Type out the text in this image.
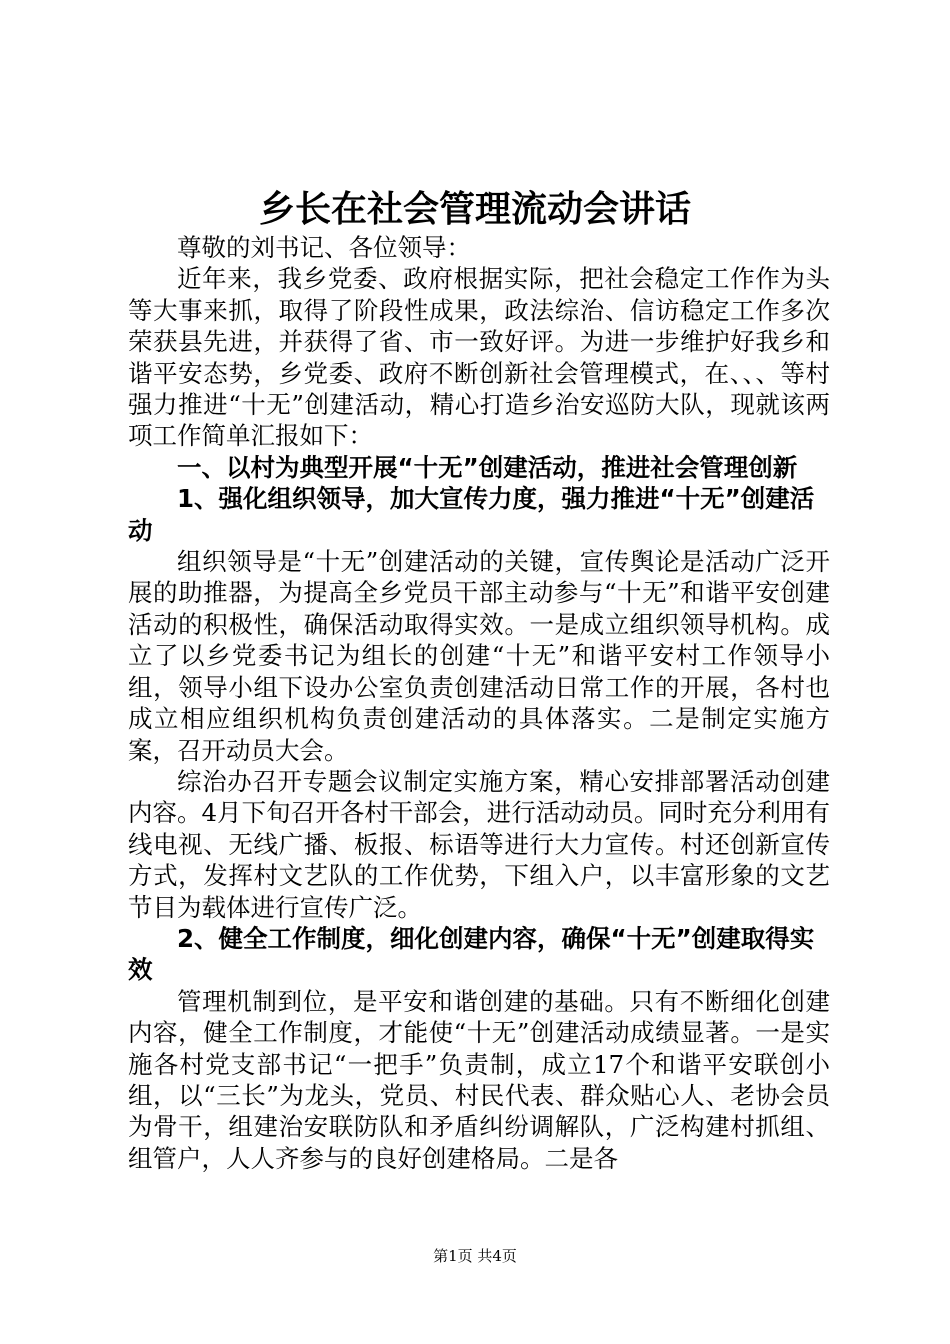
乡长在社会管理流动会讲话

尊敬的刘书记、各位领导：

近年来，我乡党委、政府根据实际，把社会稳定工作作为头等大事来抓，取得了阶段性成果，政法综治、信访稳定工作多次荣获县先进，并获得了省、市一致好评。为进一步维护好我乡和谐平安态势，乡党委、政府不断创新社会管理模式，在、、、等村强力推进“十无”创建活动，精心打造乡治安巡防大队，现就该两项工作简单汇报如下：

一、以村为典型开展“十无”创建活动，推进社会管理创新

1、强化组织领导，加大宣传力度，强力推进“十无”创建活动

组织领导是“十无”创建活动的关键，宣传舆论是活动广泛开展的助推器，为提高全乡党员干部主动参与“十无”和谐平安创建活动的积极性，确保活动取得实效。一是成立组织领导机构。成立了以乡党委书记为组长的创建“十无”和谐平安村工作领导小组，领导小组下设办公室负责创建活动日常工作的开展，各村也成立相应组织机构负责创建活动的具体落实。二是制定实施方案，召开动员大会。

综治办召开专题会议制定实施方案，精心安排部署活动创建内容。4月下旬召开各村干部会，进行活动动员。同时充分利用有线电视、无线广播、板报、标语等进行大力宣传。村还创新宣传方式，发挥村文艺队的工作优势，下组入户，以丰富形象的文艺节目为载体进行宣传广泛。

2、健全工作制度，细化创建内容，确保“十无”创建取得实效

管理机制到位，是平安和谐创建的基础。只有不断细化创建内容，健全工作制度，才能使“十无”创建活动成绩显著。一是实施各村党支部书记“一把手”负责制，成立17个和谐平安联创小组，以“三长”为龙头，党员、村民代表、群众贴心人、老协会员为骨干，组建治安联防队和矛盾纠纷调解队，广泛构建村抓组、组管户，人人齐参与的良好创建格局。二是各

第1页 共4页
